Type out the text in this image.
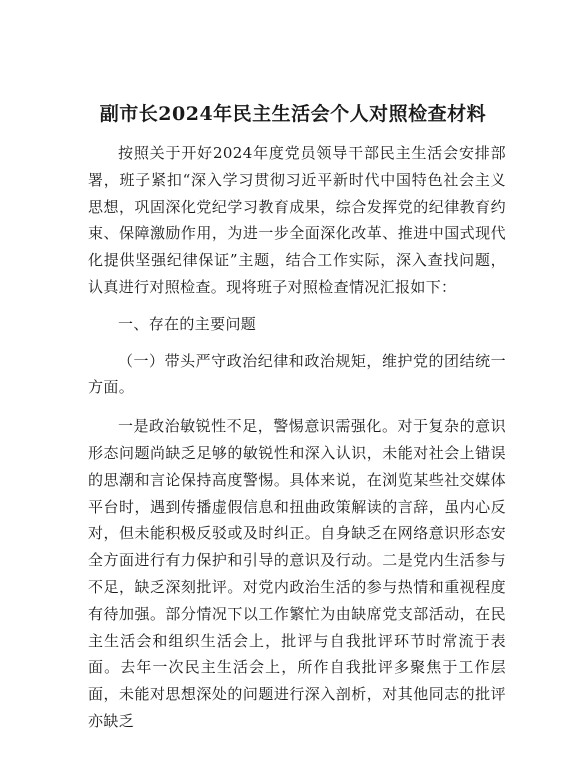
副市长2024年民主生活会个人对照检查材料

按照关于开好2024年度党员领导干部民主生活会安排部署，班子紧扣“深入学习贯彻习近平新时代中国特色社会主义思想，巩固深化党纪学习教育成果，综合发挥党的纪律教育约束、保障激励作用，为进一步全面深化改革、推进中国式现代化提供坚强纪律保证”主题，结合工作实际，深入查找问题，认真进行对照检查。现将班子对照检查情况汇报如下：

一、存在的主要问题

（一）带头严守政治纪律和政治规矩，维护党的团结统一方面。

一是政治敏锐性不足，警惕意识需强化。对于复杂的意识形态问题尚缺乏足够的敏锐性和深入认识，未能对社会上错误的思潮和言论保持高度警惕。具体来说，在浏览某些社交媒体平台时，遇到传播虚假信息和扭曲政策解读的言辞，虽内心反对，但未能积极反驳或及时纠正。自身缺乏在网络意识形态安全方面进行有力保护和引导的意识及行动。二是党内生活参与不足，缺乏深刻批评。对党内政治生活的参与热情和重视程度有待加强。部分情况下以工作繁忙为由缺席党支部活动，在民主生活会和组织生活会上，批评与自我批评环节时常流于表面。去年一次民主生活会上，所作自我批评多聚焦于工作层面，未能对思想深处的问题进行深入剖析，对其他同志的批评亦缺乏
